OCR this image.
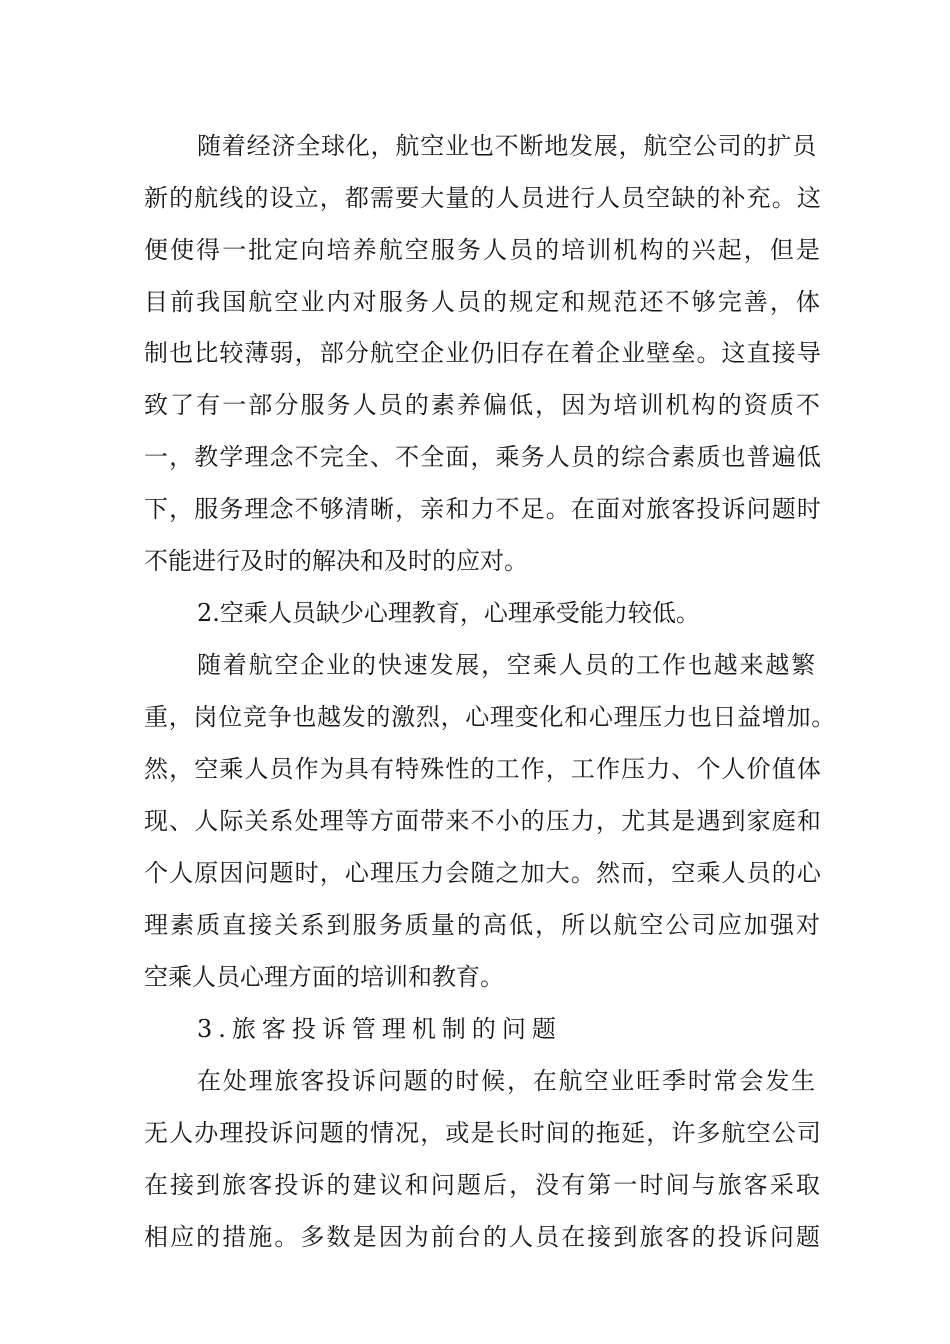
随着经济全球化，航空业也不断地发展，航空公司的扩员
新的航线的设立，都需要大量的人员进行人员空缺的补充。这
便使得一批定向培养航空服务人员的培训机构的兴起，但是
目前我国航空业内对服务人员的规定和规范还不够完善，体
制也比较薄弱，部分航空企业仍旧存在着企业壁垒。这直接导
致了有一部分服务人员的素养偏低，因为培训机构的资质不
一，教学理念不完全、不全面，乘务人员的综合素质也普遍低
下，服务理念不够清晰，亲和力不足。在面对旅客投诉问题时
不能进行及时的解决和及时的应对。
2.空乘人员缺少心理教育，心理承受能力较低。
随着航空企业的快速发展，空乘人员的工作也越来越繁
重，岗位竞争也越发的激烈，心理变化和心理压力也日益增加。
然，空乘人员作为具有特殊性的工作，工作压力、个人价值体
现、人际关系处理等方面带来不小的压力，尤其是遇到家庭和
个人原因问题时，心理压力会随之加大。然而，空乘人员的心
理素质直接关系到服务质量的高低，所以航空公司应加强对
空乘人员心理方面的培训和教育。
3.旅客投诉管理机制的问题
在处理旅客投诉问题的时候，在航空业旺季时常会发生
无人办理投诉问题的情况，或是长时间的拖延，许多航空公司
在接到旅客投诉的建议和问题后，没有第一时间与旅客采取
相应的措施。多数是因为前台的人员在接到旅客的投诉问题
